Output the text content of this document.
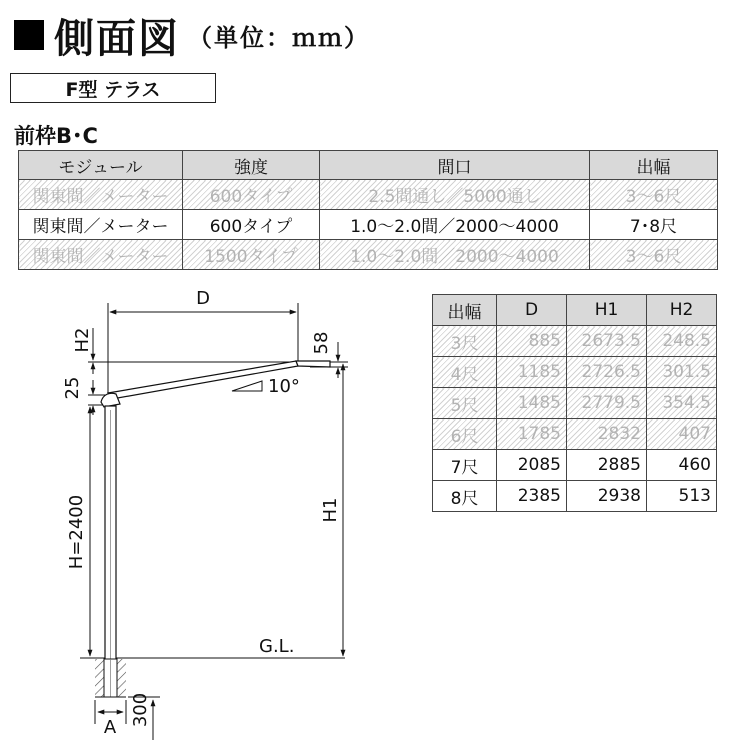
側面図 （単位：ｍｍ）
F型 テラス
前枠B･C
モジュール	強度	間口	出幅
関東間／メーター	600タイプ	2.5間通し／5000通し	3～6尺
関東間／メーター	600タイプ	1.0～2.0間／2000～4000	7･8尺
関東間／メーター	1500タイプ	1.0～2.0間／2000～4000	3～6尺
出幅	D	H1	H2
3尺	885	2673.5	248.5
4尺	1185	2726.5	301.5
5尺	1485	2779.5	354.5
6尺	1785	2832	407
7尺	2085	2885	460
8尺	2385	2938	513
D
H2	58
25
H=2400	H1
10°
G.L.
A
300
